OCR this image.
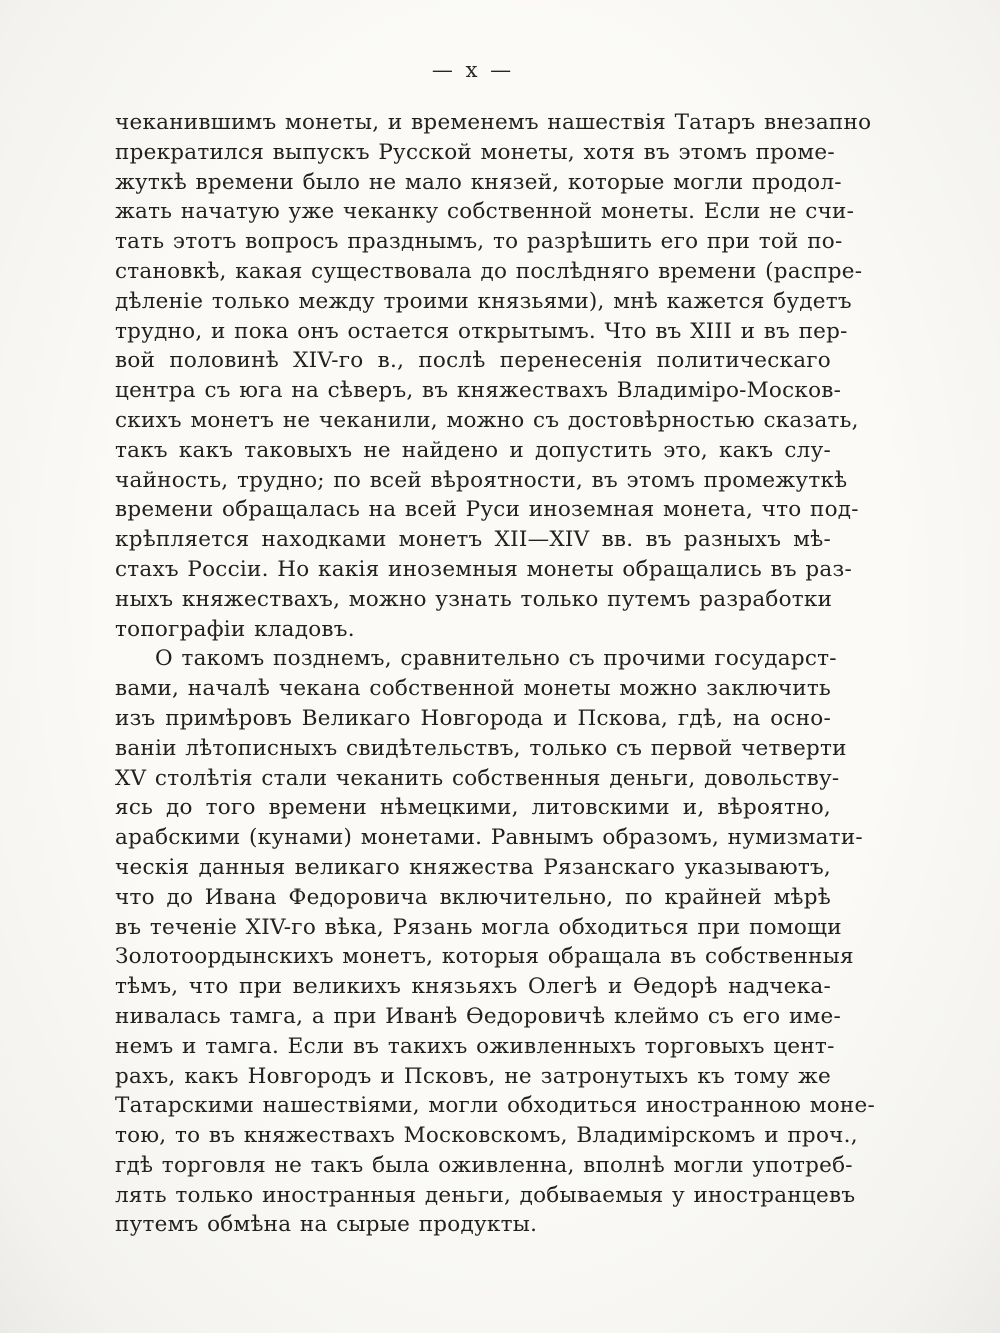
— x —
чеканившимъ монеты, и временемъ нашествія Татаръ внезапно
прекратился выпускъ Русской монеты, хотя въ этомъ проме-
жуткѣ времени было не мало князей, которые могли продол-
жать начатую уже чеканку собственной монеты. Если не счи-
тать этотъ вопросъ празднымъ, то разрѣшить его при той по-
становкѣ, какая существовала до послѣдняго времени (распре-
дѣленіе только между троими князьями), мнѣ кажется будетъ
трудно, и пока онъ остается открытымъ. Что въ XIII и въ пер-
вой половинѣ XIV-го в., послѣ перенесенія политическаго
центра съ юга на сѣверъ, въ княжествахъ Владиміро-Москов-
скихъ монетъ не чеканили, можно съ достовѣрностью сказать,
такъ какъ таковыхъ не найдено и допустить это, какъ слу-
чайность, трудно; по всей вѣроятности, въ этомъ промежуткѣ
времени обращалась на всей Руси иноземная монета, что под-
крѣпляется находками монетъ XII—XIV вв. въ разныхъ мѣ-
стахъ Россіи. Но какія иноземныя монеты обращались въ раз-
ныхъ княжествахъ, можно узнать только путемъ разработки
топографіи кладовъ.
О такомъ позднемъ, сравнительно съ прочими государст-
вами, началѣ чекана собственной монеты можно заключить
изъ примѣровъ Великаго Новгорода и Пскова, гдѣ, на осно-
ваніи лѣтописныхъ свидѣтельствъ, только съ первой четверти
XV столѣтія стали чеканить собственныя деньги, довольству-
ясь до того времени нѣмецкими, литовскими и, вѣроятно,
арабскими (кунами) монетами. Равнымъ образомъ, нумизмати-
ческія данныя великаго княжества Рязанскаго указываютъ,
что до Ивана Федоровича включительно, по крайней мѣрѣ
въ теченіе XIV-го вѣка, Рязань могла обходиться при помощи
Золотоордынскихъ монетъ, которыя обращала въ собственныя
тѣмъ, что при великихъ князьяхъ Олегѣ и Ѳедорѣ надчека-
нивалась тамга, а при Иванѣ Ѳедоровичѣ клеймо съ его име-
немъ и тамга. Если въ такихъ оживленныхъ торговыхъ цент-
рахъ, какъ Новгородъ и Псковъ, не затронутыхъ къ тому же
Татарскими нашествіями, могли обходиться иностранною моне-
тою, то въ княжествахъ Московскомъ, Владимірскомъ и проч.,
гдѣ торговля не такъ была оживленна, вполнѣ могли употреб-
лять только иностранныя деньги, добываемыя у иностранцевъ
путемъ обмѣна на сырые продукты.
